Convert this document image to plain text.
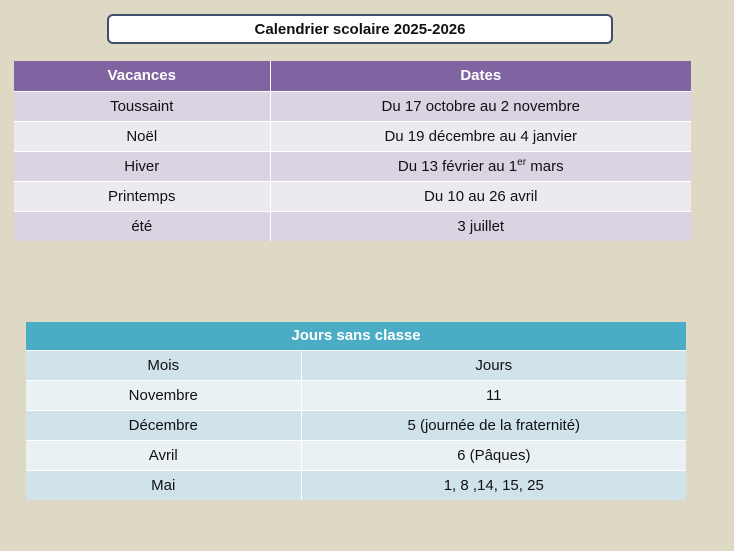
Calendrier scolaire 2025-2026
Vacances	Dates
Toussaint	Du 17 octobre au 2 novembre
Noël	Du 19 décembre au 4 janvier
Hiver	Du 13 février au 1er mars
Printemps	Du 10 au 26 avril
été	3 juillet
Jours sans classe	
Mois	Jours
Novembre	11
Décembre	5 (journée de la fraternité)
Avril	6 (Pâques)
Mai	1, 8 ,14, 15, 25
